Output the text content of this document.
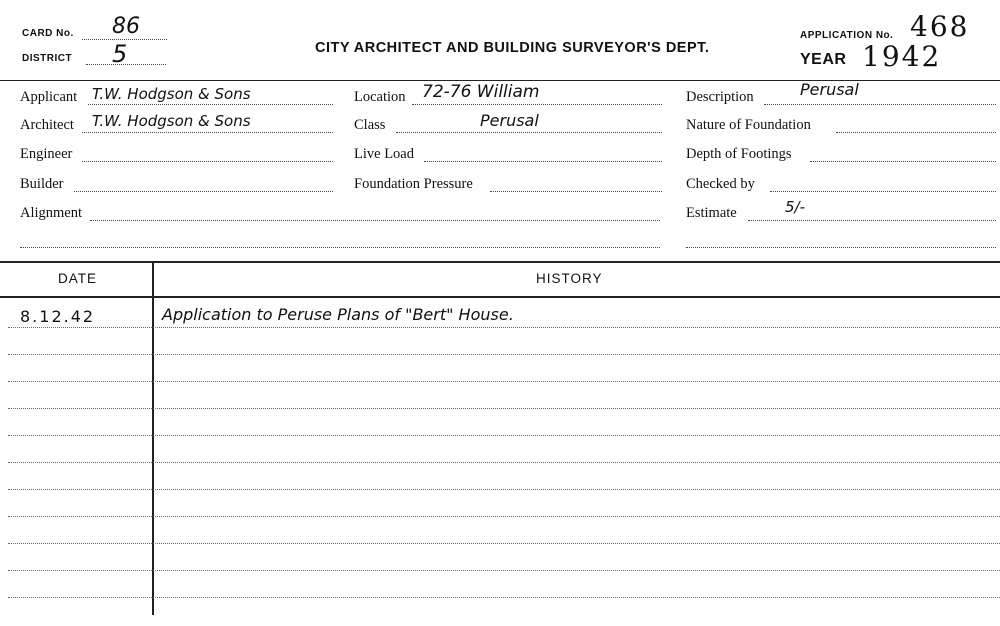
CARD No. 86
DISTRICT 5	CITY ARCHITECT AND BUILDING SURVEYOR'S DEPT.
APPLICATION No. 468
YEAR 1942
Applicant T.W. Hodgson & Sons
Architect T.W. Hodgson & Sons
Engineer
Builder
Alignment
Location 72-76 William
Class	Perusal
Live Load
Foundation Pressure
Description	Perusal
Nature of Foundation
Depth of Footings
Checked by
Estimate	5/-
DATE	HISTORY
8.12.42	Application to Peruse Plans of "Bert" House.
